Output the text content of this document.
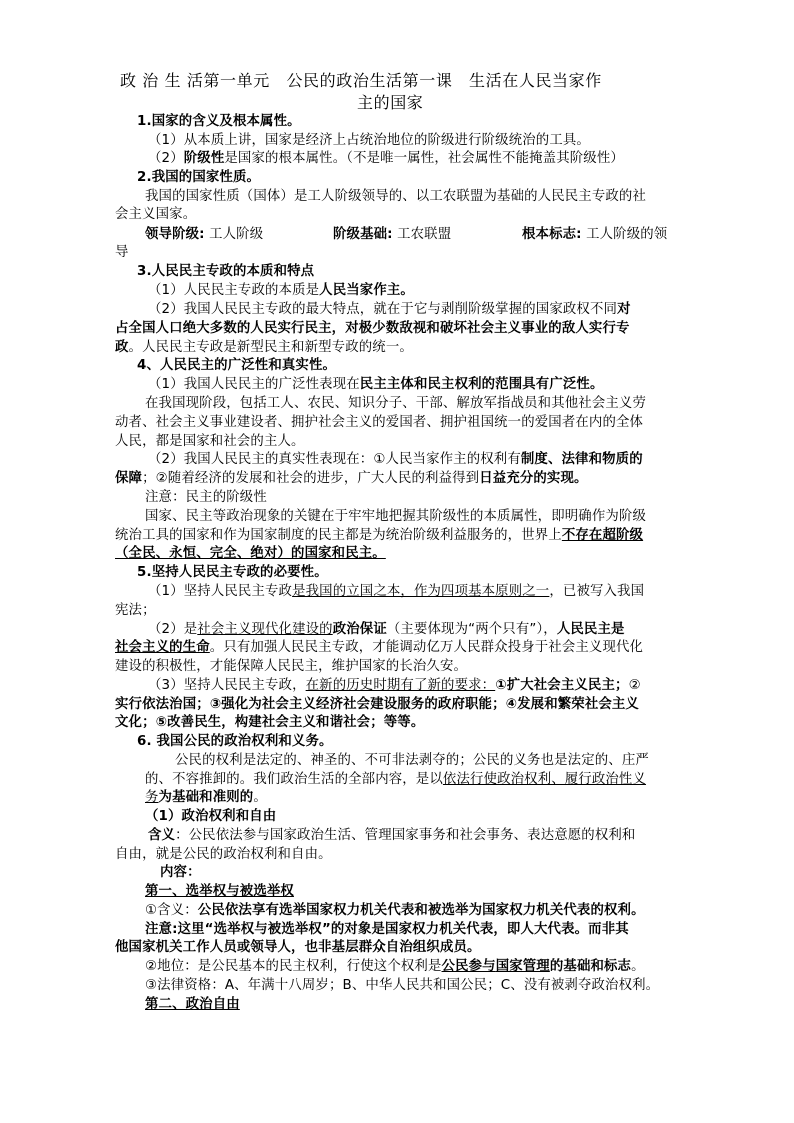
政 治 生 活第一单元　公民的政治生活第一课　生活在人民当家作
主的国家
1.国家的含义及根本属性。
（1）从本质上讲，国家是经济上占统治地位的阶级进行阶级统治的工具。
（2）阶级性是国家的根本属性。（不是唯一属性，社会属性不能掩盖其阶级性）
2.我国的国家性质。
我国的国家性质（国体）是工人阶级领导的、以工农联盟为基础的人民民主专政的社
会主义国家。
领导阶级: 工人阶级	阶级基础: 工农联盟	根本标志: 工人阶级的领
导
3.人民民主专政的本质和特点
（1）人民民主专政的本质是人民当家作主。
（2）我国人民民主专政的最大特点，就在于它与剥削阶级掌握的国家政权不同对
占全国人口绝大多数的人民实行民主，对极少数敌视和破坏社会主义事业的敌人实行专
政。人民民主专政是新型民主和新型专政的统一。
4、人民民主的广泛性和真实性。
（1）我国人民民主的广泛性表现在民主主体和民主权利的范围具有广泛性。
在我国现阶段，包括工人、农民、知识分子、干部、解放军指战员和其他社会主义劳
动者、社会主义事业建设者、拥护社会主义的爱国者、拥护祖国统一的爱国者在内的全体
人民，都是国家和社会的主人。
（2）我国人民民主的真实性表现在：①人民当家作主的权利有制度、法律和物质的
保障；②随着经济的发展和社会的进步，广大人民的利益得到日益充分的实现。
注意：民主的阶级性
国家、民主等政治现象的关键在于牢牢地把握其阶级性的本质属性，即明确作为阶级
统治工具的国家和作为国家制度的民主都是为统治阶级利益服务的，世界上不存在超阶级
（全民、永恒、完全、绝对）的国家和民主。
5.坚持人民民主专政的必要性。
（1）坚持人民民主专政是我国的立国之本，作为四项基本原则之一，已被写入我国
宪法；
（2）是社会主义现代化建设的政治保证（主要体现为“两个只有”），人民民主是
社会主义的生命。只有加强人民民主专政，才能调动亿万人民群众投身于社会主义现代化
建设的积极性，才能保障人民民主，维护国家的长治久安。
（3）坚持人民民主专政，在新的历史时期有了新的要求：①扩大社会主义民主；②
实行依法治国；③强化为社会主义经济社会建设服务的政府职能；④发展和繁荣社会主义
文化；⑤改善民生，构建社会主义和谐社会；等等。
6. 我国公民的政治权利和义务。
公民的权利是法定的、神圣的、不可非法剥夺的；公民的义务也是法定的、庄严
的、不容推卸的。我们政治生活的全部内容，是以依法行使政治权利、履行政治性义
务为基础和准则的。
（1）政治权利和自由
含义：公民依法参与国家政治生活、管理国家事务和社会事务、表达意愿的权利和
自由，就是公民的政治权利和自由。
内容：
第一、选举权与被选举权
①含义：公民依法享有选举国家权力机关代表和被选举为国家权力机关代表的权利。
注意:这里“选举权与被选举权”的对象是国家权力机关代表，即人大代表。而非其
他国家机关工作人员或领导人，也非基层群众自治组织成员。
②地位：是公民基本的民主权利，行使这个权利是公民参与国家管理的基础和标志。
③法律资格：A、年满十八周岁；B、中华人民共和国公民；C、没有被剥夺政治权利。
第二、政治自由
